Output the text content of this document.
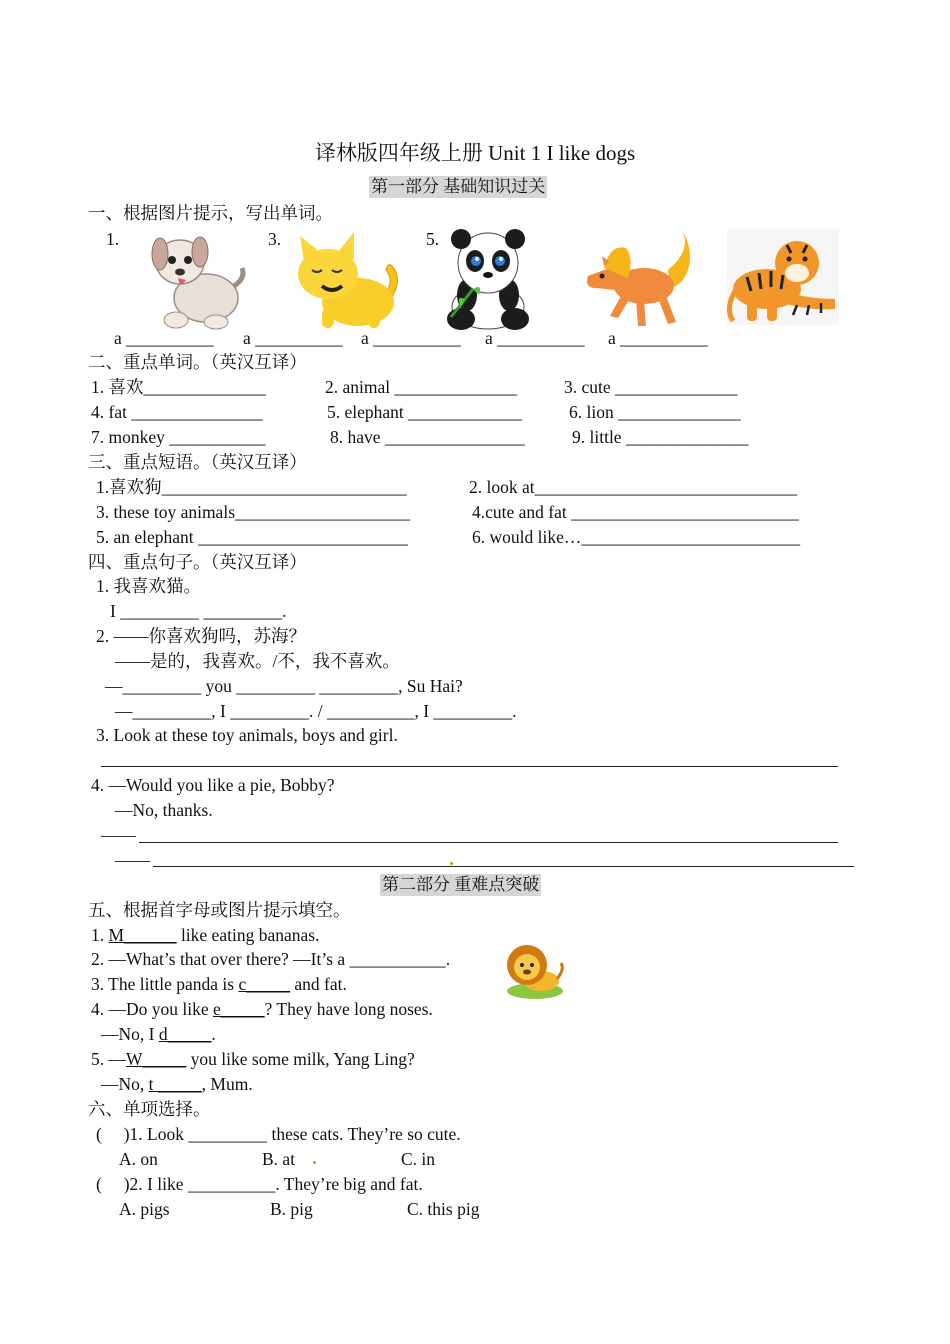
译林版四年级上册 Unit 1 I like dogs
第一部分 基础知识过关
一、根据图片提示，写出单词。
1.	3.	5.
a __________ a __________ a __________ a __________ a __________
二、重点单词。（英汉互译）
1. 喜欢______________	2. animal ______________	3. cute ______________
4. fat _______________	5. elephant _____________	6. lion ______________
7. monkey ___________	8. have ________________	9. little ______________
三、重点短语。（英汉互译）
1.喜欢狗____________________________	2. look at______________________________
3. these toy animals____________________	4.cute and fat __________________________
5. an elephant ________________________	6. would like…_________________________
四、重点句子。（英汉互译）
1. 我喜欢猫。
I _________ _________.
2. ——你喜欢狗吗，苏海？
——是的，我喜欢。/不，我不喜欢。
—_________ you _________ _________, Su Hai?
—_________, I _________. / __________, I _________.
3. Look at these toy animals, boys and girl.
4. —Would you like a pie, Bobby?
—No, thanks.
——
——
第二部分 重难点突破
五、根据首字母或图片提示填空。
1. M______ like eating bananas.
2. —What’s that over there? —It’s a ___________.
3. The little panda is c_____ and fat.
4. —Do you like e_____? They have long noses.
—No, I d_____.
5. —W_____ you like some milk, Yang Ling?
—No, t _____, Mum.
六、单项选择。
(     )1. Look _________ these cats. They’re so cute.
A. on	B. at	C. in
(     )2. I like __________. They’re big and fat.
A. pigs	B. pig	C. this pig
